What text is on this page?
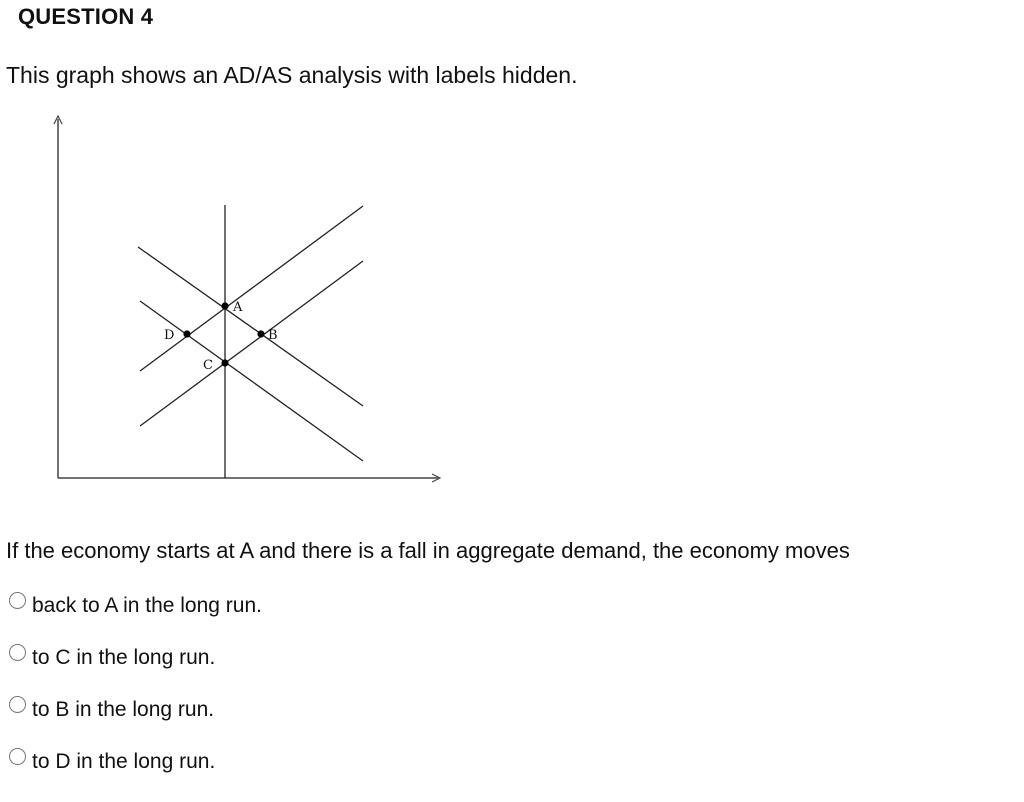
QUESTION 4
This graph shows an AD/AS analysis with labels hidden.
A
B
C
D
If the economy starts at A and there is a fall in aggregate demand, the economy moves
back to A in the long run.
to C in the long run.
to B in the long run.
to D in the long run.
